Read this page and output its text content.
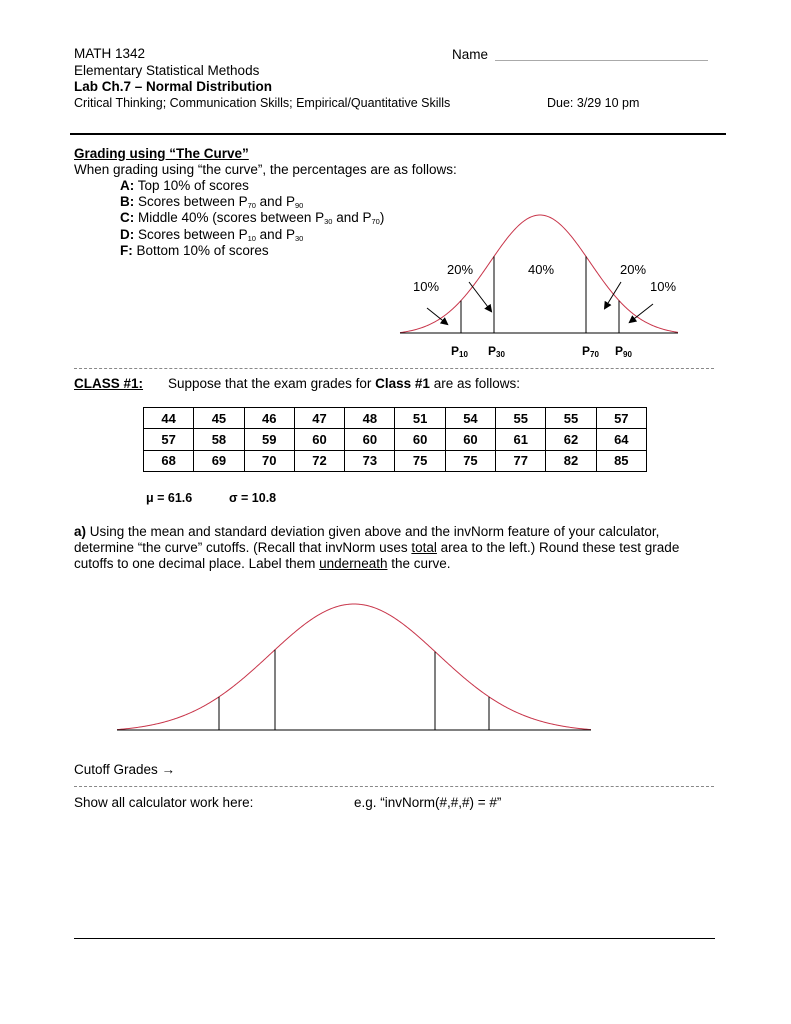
MATH 1342	Name
Elementary Statistical Methods
Lab Ch.7 – Normal Distribution
Critical Thinking; Communication Skills; Empirical/Quantitative Skills	Due: 3/29 10 pm
Grading using “The Curve”
When grading using “the curve”, the percentages are as follows:
A: Top 10% of scores
B: Scores between P70 and P90
C: Middle 40% (scores between P30 and P70)
D: Scores between P10 and P30
F: Bottom 10% of scores
10%
20%	40%	20%
10%
P10 P30	P70 P90
CLASS #1: Suppose that the exam grades for Class #1 are as follows:
44	45	46	47	48	51	54	55	55	57
57	58	59	60	60	60	60	61	62	64
68	69	70	72	73	75	75	77	82	85
μ = 61.6	σ = 10.8
a) Using the mean and standard deviation given above and the invNorm feature of your calculator,
determine “the curve” cutoffs. (Recall that invNorm uses total area to the left.) Round these test grade
cutoffs to one decimal place. Label them underneath the curve.
Cutoff Grades →
Show all calculator work here:	e.g. “invNorm(#,#,#) = #”
